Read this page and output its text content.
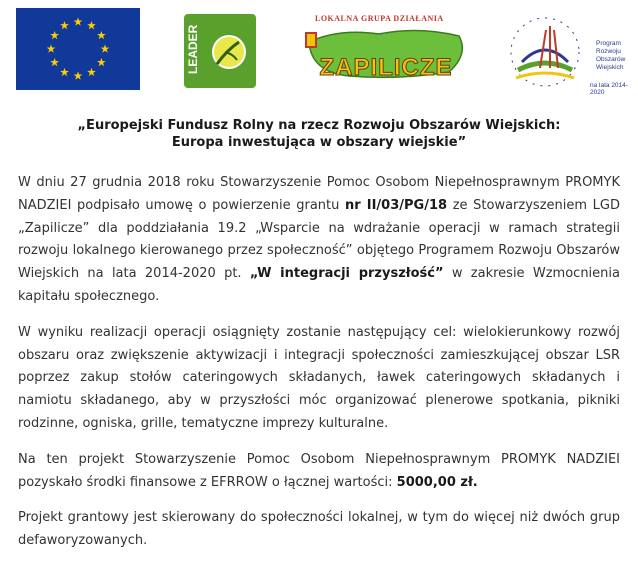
LEADER
LOKALNA GRUPA DZIAŁANIA
ZAPILICZE
Program
Rozwoju
Obszarów
Wiejskich
na lata 2014-2020
„Europejski Fundusz Rolny na rzecz Rozwoju Obszarów Wiejskich:
Europa inwestująca w obszary wiejskie”

W dniu 27 grudnia 2018 roku Stowarzyszenie Pomoc Osobom Niepełnosprawnym PROMYK NADZIEI podpisało umowę o powierzenie grantu nr II/03/PG/18 ze Stowarzyszeniem LGD „Zapilicze” dla poddziałania 19.2 „Wsparcie na wdrażanie operacji w ramach strategii rozwoju lokalnego kierowanego przez społeczność” objętego Programem Rozwoju Obszarów Wiejskich na lata 2014-2020 pt. „W integracji przyszłość” w zakresie Wzmocnienia kapitału społecznego.

W wyniku realizacji operacji osiągnięty zostanie następujący cel: wielokierunkowy rozwój obszaru oraz zwiększenie aktywizacji i integracji społeczności zamieszkującej obszar LSR poprzez zakup stołów cateringowych składanych, ławek cateringowych składanych i namiotu składanego, aby w przyszłości móc organizować plenerowe spotkania, pikniki rodzinne, ogniska, grille, tematyczne imprezy kulturalne.

Na ten projekt Stowarzyszenie Pomoc Osobom Niepełnosprawnym PROMYK NADZIEI pozyskało środki finansowe z EFRROW o łącznej wartości: 5000,00 zł.

Projekt grantowy jest skierowany do społeczności lokalnej, w tym do więcej niż dwóch grup defaworyzowanych.
